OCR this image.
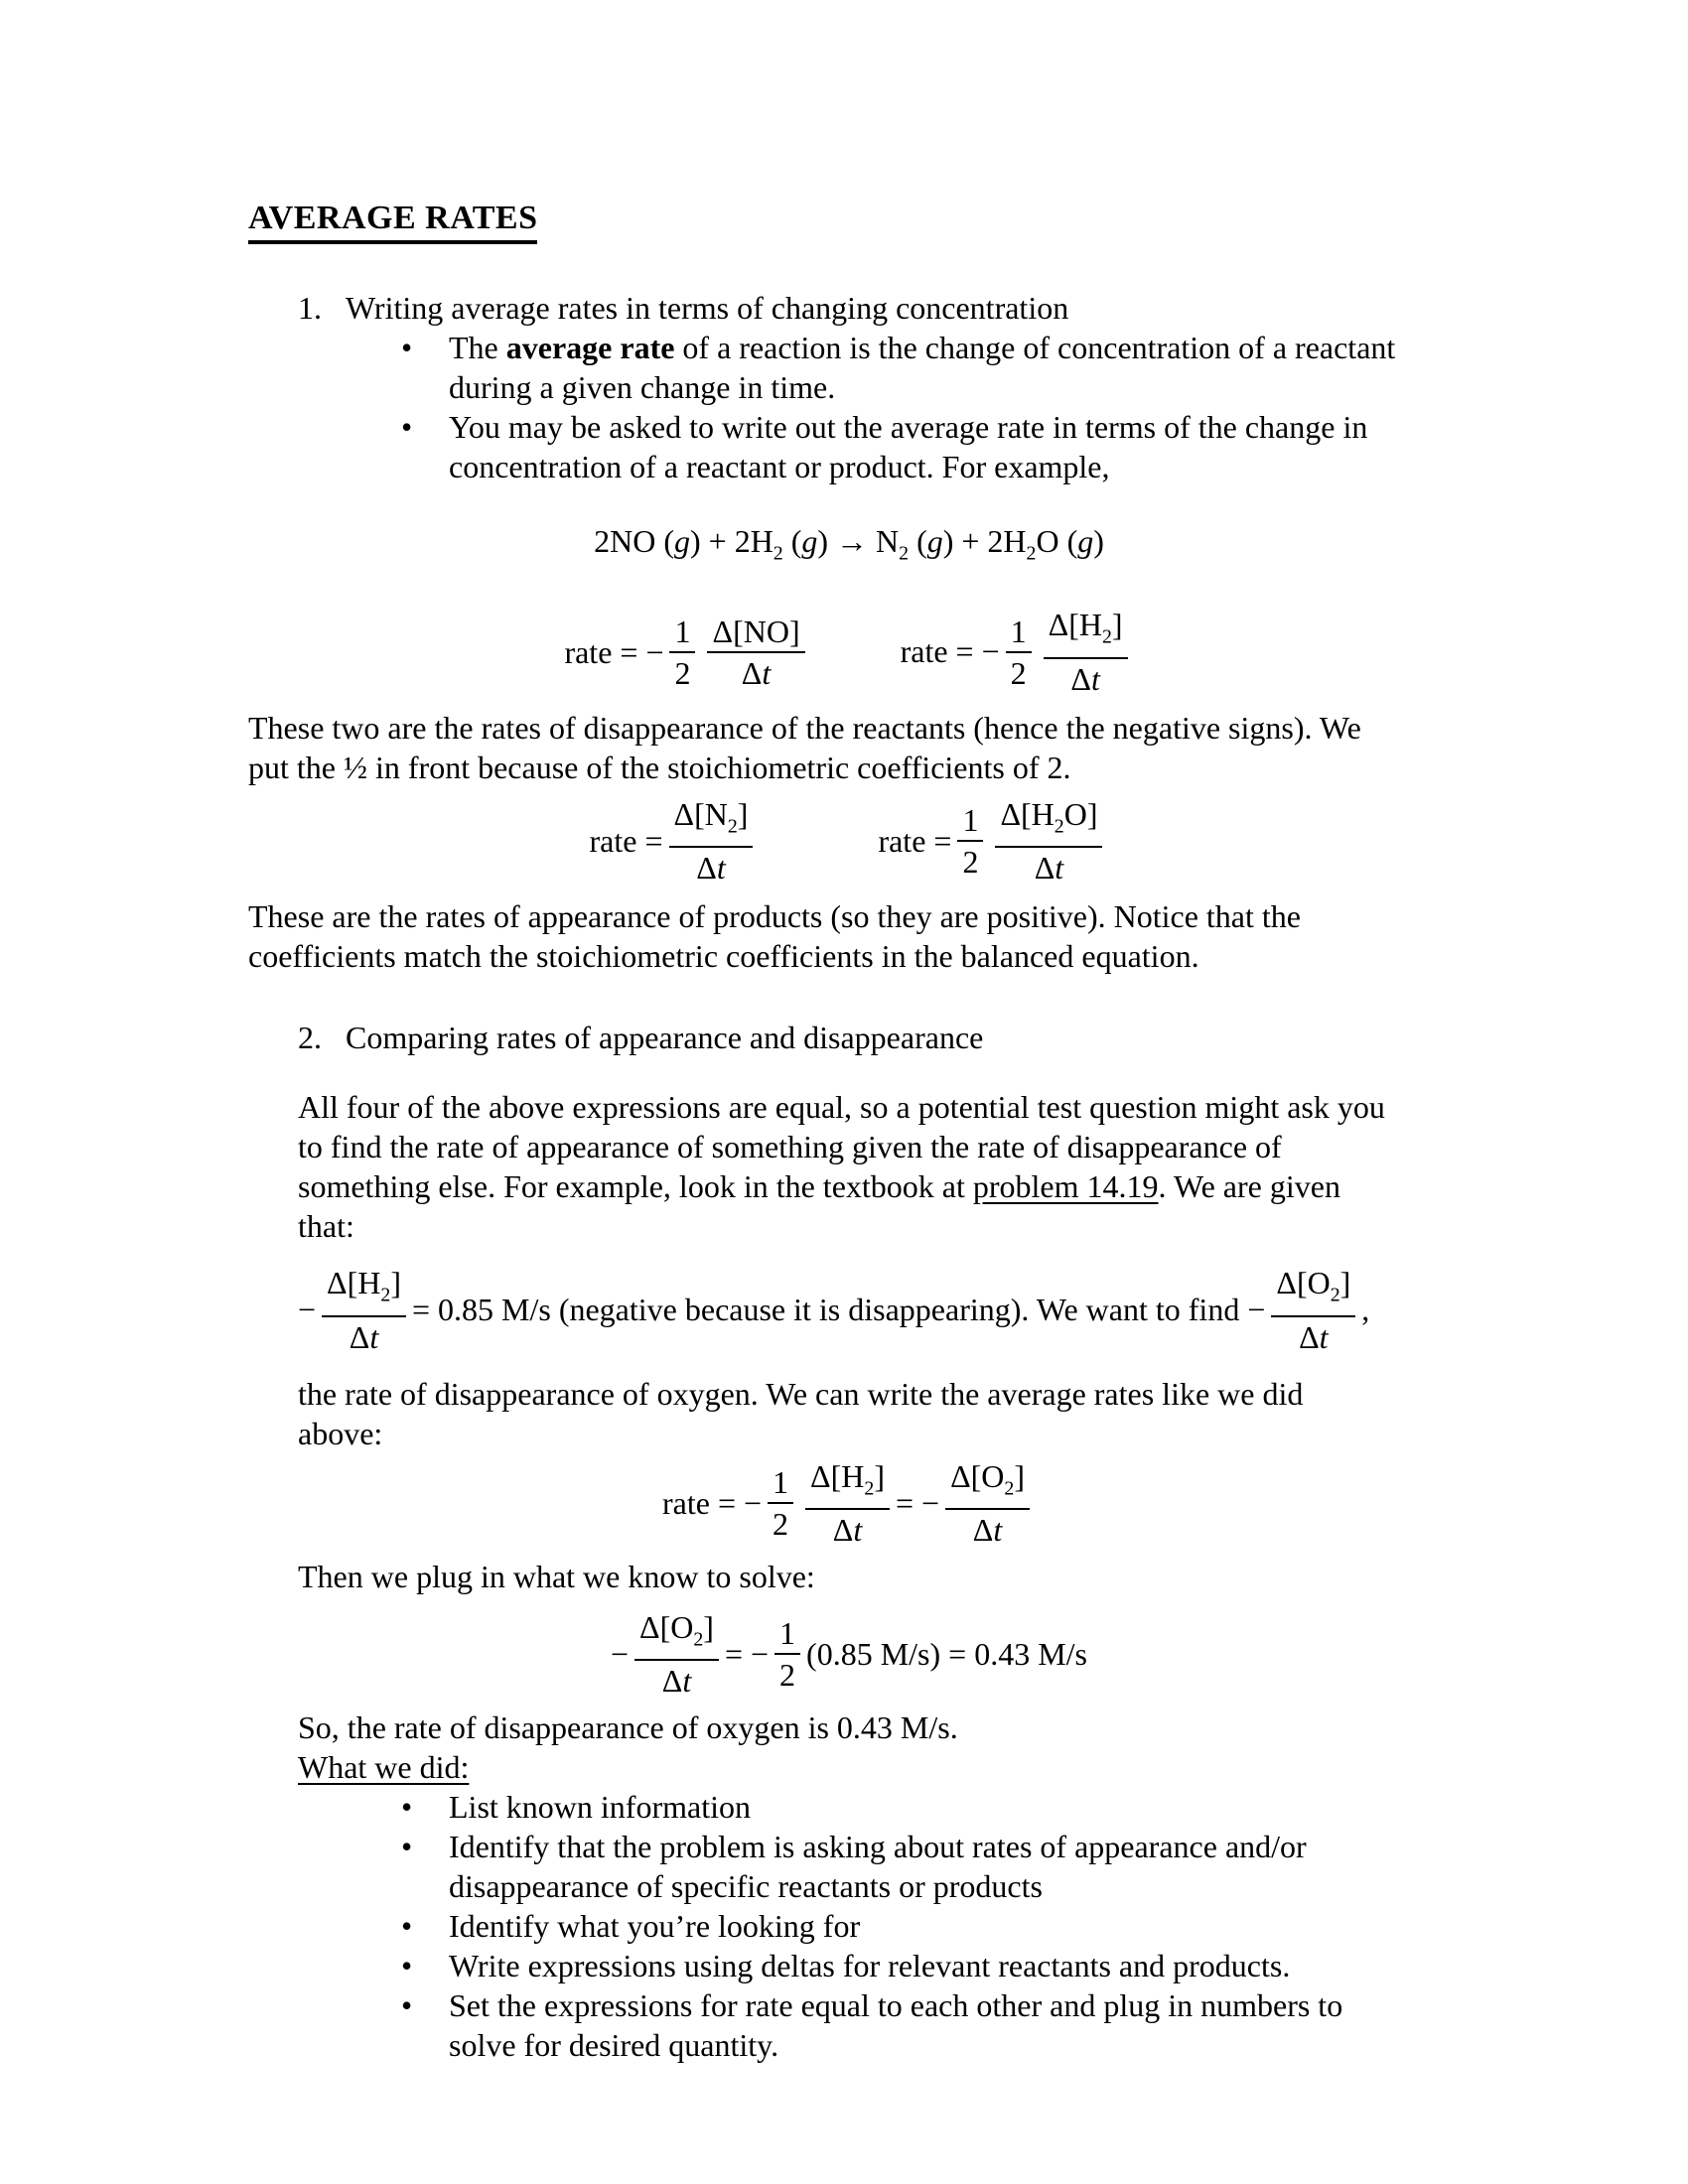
AVERAGE RATES
1. Writing average rates in terms of changing concentration
•	The average rate of a reaction is the change of concentration of a reactant
during a given change in time.
•	You may be asked to write out the average rate in terms of the change in
concentration of a reactant or product. For example,
2NO $(g) + 2H_2$ $(g) \to N_2$ $(g) + 2H_2O$ (g)
rate = − $\frac{1}{2} \frac{\Delta[NO]}{\Delta t}$	rate = − $\frac{1}{2} \frac{\Delta[H_2]}{\Delta t}$
These two are the rates of disappearance of the reactants (hence the negative signs). We
put the ½ in front because of the stoichiometric coefficients of 2.
rate = $\frac{\Delta[N_2]}{\Delta t}$	rate = $\frac{1}{2} \frac{\Delta[H_2O]}{\Delta t}$
These are the rates of appearance of products (so they are positive). Notice that the
coefficients match the stoichiometric coefficients in the balanced equation.
2. Comparing rates of appearance and disappearance
All four of the above expressions are equal, so a potential test question might ask you
to find the rate of appearance of something given the rate of disappearance of
something else. For example, look in the textbook at problem 14.19. We are given
that:
− $\frac{\Delta[H_2]}{\Delta t} = 0.85$ M/s (negative because it is disappearing). We want to find − $\frac{\Delta[O_2]}{\Delta t}$ ,
the rate of disappearance of oxygen. We can write the average rates like we did
above:
rate = − $\frac{1}{2} \frac{\Delta[H_2]}{\Delta t}$ = − $\frac{\Delta[O_2]}{\Delta t}$
Then we plug in what we know to solve:
− $\frac{\Delta[O_2]}{\Delta t}$ = − $\frac{1}{2} (0.85$ M/s) = 0.43 M/s
So, the rate of disappearance of oxygen is 0.43 M/s.
What we did:
•	List known information
•	Identify that the problem is asking about rates of appearance and/or
disappearance of specific reactants or products
•	Identify what you’re looking for
•	Write expressions using deltas for relevant reactants and products.
•	Set the expressions for rate equal to each other and plug in numbers to
solve for desired quantity.
